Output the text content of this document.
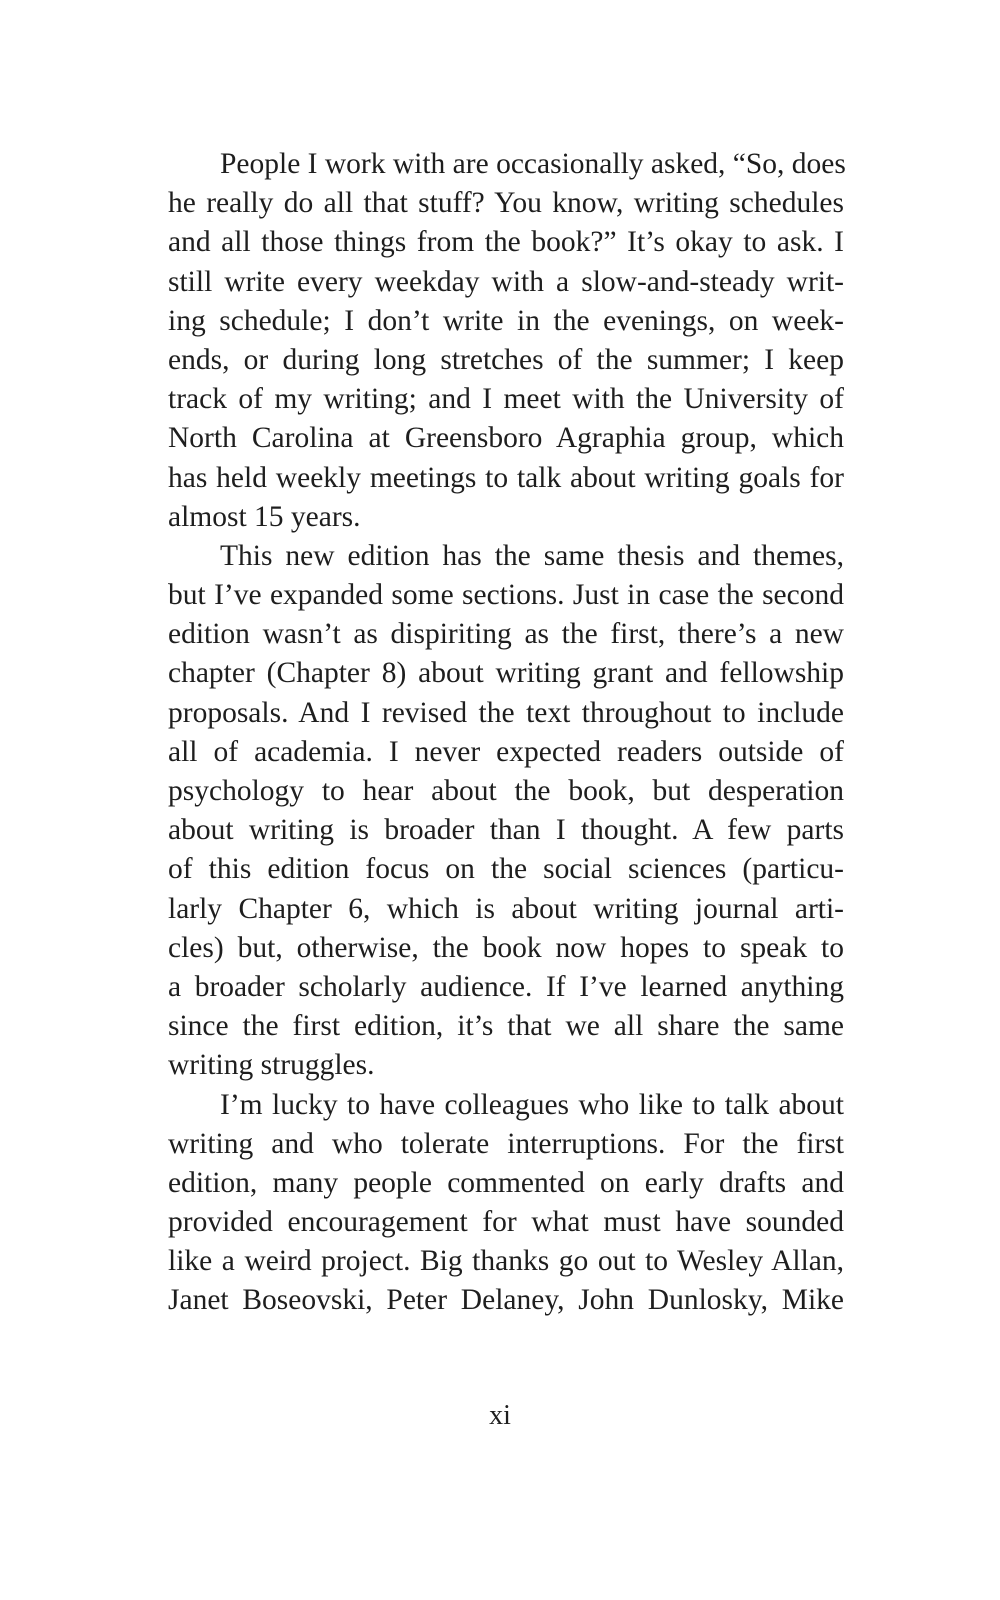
People I work with are occasionally asked, “So, does
he really do all that stuff? You know, writing schedules
and all those things from the book?” It’s okay to ask. I
still write every weekday with a slow-and-steady writ-
ing schedule; I don’t write in the evenings, on week-
ends, or during long stretches of the summer; I keep
track of my writing; and I meet with the University of
North Carolina at Greensboro Agraphia group, which
has held weekly meetings to talk about writing goals for
almost 15 years.
This new edition has the same thesis and themes,
but I’ve expanded some sections. Just in case the second
edition wasn’t as dispiriting as the first, there’s a new
chapter (Chapter 8) about writing grant and fellowship
proposals. And I revised the text throughout to include
all of academia. I never expected readers outside of
psychology to hear about the book, but desperation
about writing is broader than I thought. A few parts
of this edition focus on the social sciences (particu-
larly Chapter 6, which is about writing journal arti-
cles) but, otherwise, the book now hopes to speak to
a broader scholarly audience. If I’ve learned anything
since the first edition, it’s that we all share the same
writing struggles.
I’m lucky to have colleagues who like to talk about
writing and who tolerate interruptions. For the first
edition, many people commented on early drafts and
provided encouragement for what must have sounded
like a weird project. Big thanks go out to Wesley Allan,
Janet Boseovski, Peter Delaney, John Dunlosky, Mike
xi
